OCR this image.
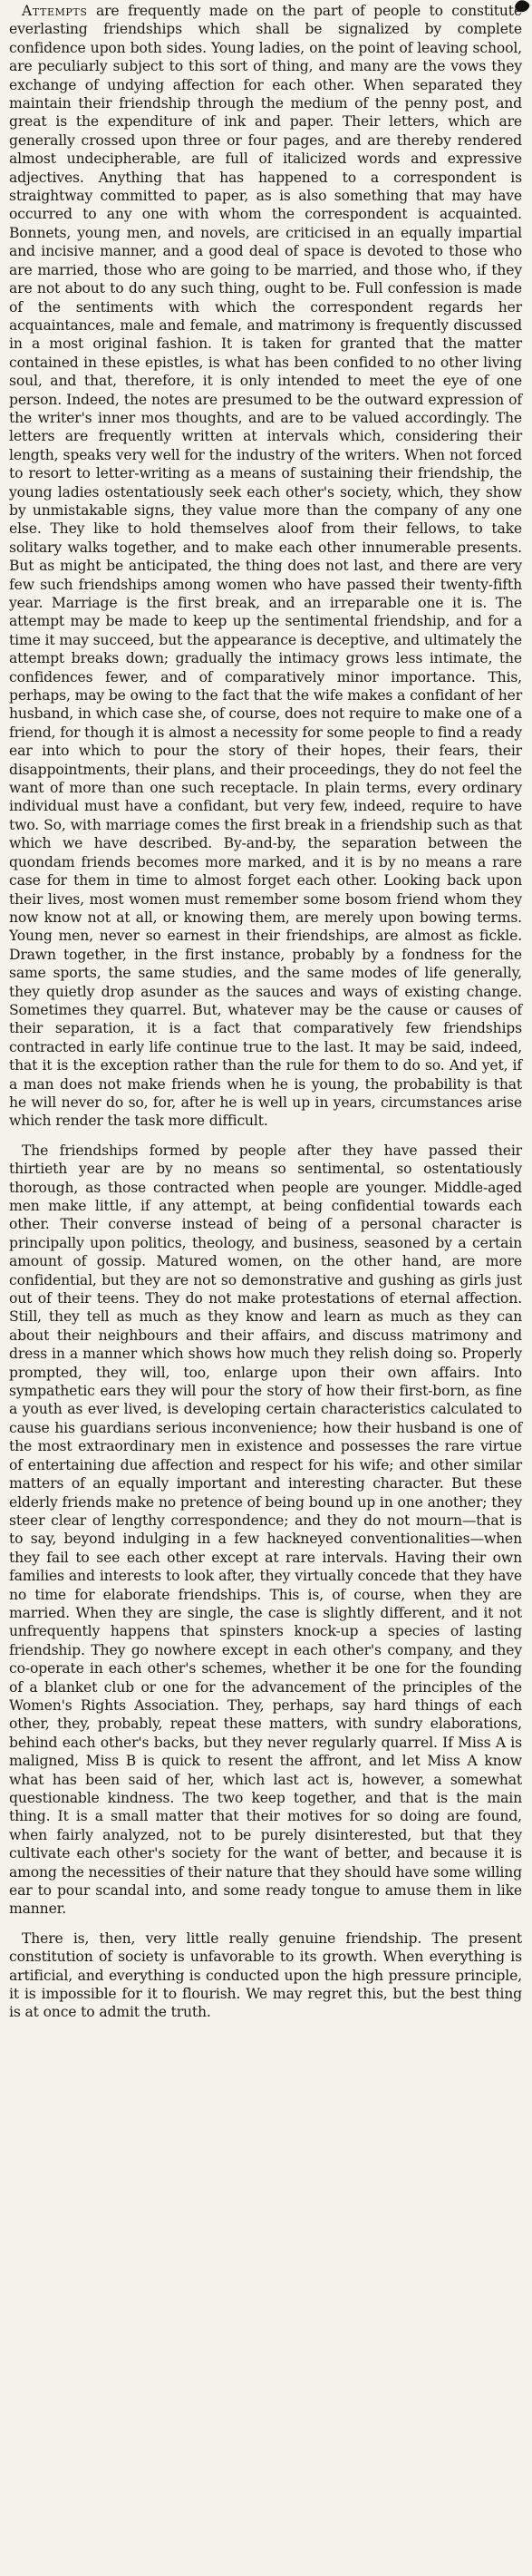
Attempts are frequently made on the part of people to constitute everlasting friendships which shall be signalized by complete confidence upon both sides. Young ladies, on the point of leaving school, are peculiarly subject to this sort of thing, and many are the vows they exchange of undying affection for each other. When separated they maintain their friendship through the medium of the penny post, and great is the expenditure of ink and paper. Their letters, which are generally crossed upon three or four pages, and are thereby rendered almost undecipherable, are full of italicized words and expressive adjectives. Anything that has happened to a correspondent is straightway committed to paper, as is also something that may have occurred to any one with whom the correspondent is acquainted. Bonnets, young men, and novels, are criticised in an equally impartial and incisive manner, and a good deal of space is devoted to those who are married, those who are going to be married, and those who, if they are not about to do any such thing, ought to be. Full confession is made of the sentiments with which the correspondent regards her acquaintances, male and female, and matrimony is frequently discussed in a most original fashion. It is taken for granted that the matter contained in these epistles, is what has been confided to no other living soul, and that, therefore, it is only intended to meet the eye of one person. Indeed, the notes are presumed to be the outward expression of the writer's inner mos thoughts, and are to be valued accordingly. The letters are frequently written at intervals which, considering their length, speaks very well for the industry of the writers. When not forced to resort to letter-writing as a means of sustaining their friendship, the young ladies ostentatiously seek each other's society, which, they show by unmistakable signs, they value more than the company of any one else. They like to hold themselves aloof from their fellows, to take solitary walks together, and to make each other innumerable presents. But as might be anticipated, the thing does not last, and there are very few such friendships among women who have passed their twenty-fifth year. Marriage is the first break, and an irreparable one it is. The attempt may be made to keep up the sentimental friendship, and for a time it may succeed, but the appearance is deceptive, and ultimately the attempt breaks down; gradually the intimacy grows less intimate, the confidences fewer, and of comparatively minor importance. This, perhaps, may be owing to the fact that the wife makes a confidant of her husband, in which case she, of course, does not require to make one of a friend, for though it is almost a necessity for some people to find a ready ear into which to pour the story of their hopes, their fears, their disappointments, their plans, and their proceedings, they do not feel the want of more than one such receptacle. In plain terms, every ordinary individual must have a confidant, but very few, indeed, require to have two. So, with marriage comes the first break in a friendship such as that which we have described. By-and-by, the separation between the quondam friends becomes more marked, and it is by no means a rare case for them in time to almost forget each other. Looking back upon their lives, most women must remember some bosom friend whom they now know not at all, or knowing them, are merely upon bowing terms. Young men, never so earnest in their friendships, are almost as fickle. Drawn together, in the first instance, probably by a fondness for the same sports, the same studies, and the same modes of life generally, they quietly drop asunder as the sauces and ways of existing change. Sometimes they quarrel. But, whatever may be the cause or causes of their separation, it is a fact that comparatively few friendships contracted in early life continue true to the last. It may be said, indeed, that it is the exception rather than the rule for them to do so. And yet, if a man does not make friends when he is young, the probability is that he will never do so, for, after he is well up in years, circumstances arise which render the task more difficult.

The friendships formed by people after they have passed their thirtieth year are by no means so sentimental, so ostentatiously thorough, as those contracted when people are younger. Middle-aged men make little, if any attempt, at being confidential towards each other. Their converse instead of being of a personal character is principally upon politics, theology, and business, seasoned by a certain amount of gossip. Matured women, on the other hand, are more confidential, but they are not so demonstrative and gushing as girls just out of their teens. They do not make protestations of eternal affection. Still, they tell as much as they know and learn as much as they can about their neighbours and their affairs, and discuss matrimony and dress in a manner which shows how much they relish doing so. Properly prompted, they will, too, enlarge upon their own affairs. Into sympathetic ears they will pour the story of how their first-born, as fine a youth as ever lived, is developing certain characteristics calculated to cause his guardians serious inconvenience; how their husband is one of the most extraordinary men in existence and possesses the rare virtue of entertaining due affection and respect for his wife; and other similar matters of an equally important and interesting character. But these elderly friends make no pretence of being bound up in one another; they steer clear of lengthy correspondence; and they do not mourn—that is to say, beyond indulging in a few hackneyed conventionalities—when they fail to see each other except at rare intervals. Having their own families and interests to look after, they virtually concede that they have no time for elaborate friendships. This is, of course, when they are married. When they are single, the case is slightly different, and it not unfrequently happens that spinsters knock-up a species of lasting friendship. They go nowhere except in each other's company, and they co-operate in each other's schemes, whether it be one for the founding of a blanket club or one for the advancement of the principles of the Women's Rights Association. They, perhaps, say hard things of each other, they, probably, repeat these matters, with sundry elaborations, behind each other's backs, but they never regularly quarrel. If Miss A is maligned, Miss B is quick to resent the affront, and let Miss A know what has been said of her, which last act is, however, a somewhat questionable kindness. The two keep together, and that is the main thing. It is a small matter that their motives for so doing are found, when fairly analyzed, not to be purely disinterested, but that they cultivate each other's society for the want of better, and because it is among the necessities of their nature that they should have some willing ear to pour scandal into, and some ready tongue to amuse them in like manner.

There is, then, very little really genuine friendship. The present constitution of society is unfavorable to its growth. When everything is artificial, and everything is conducted upon the high pressure principle, it is impossible for it to flourish. We may regret this, but the best thing is at once to admit the truth.
